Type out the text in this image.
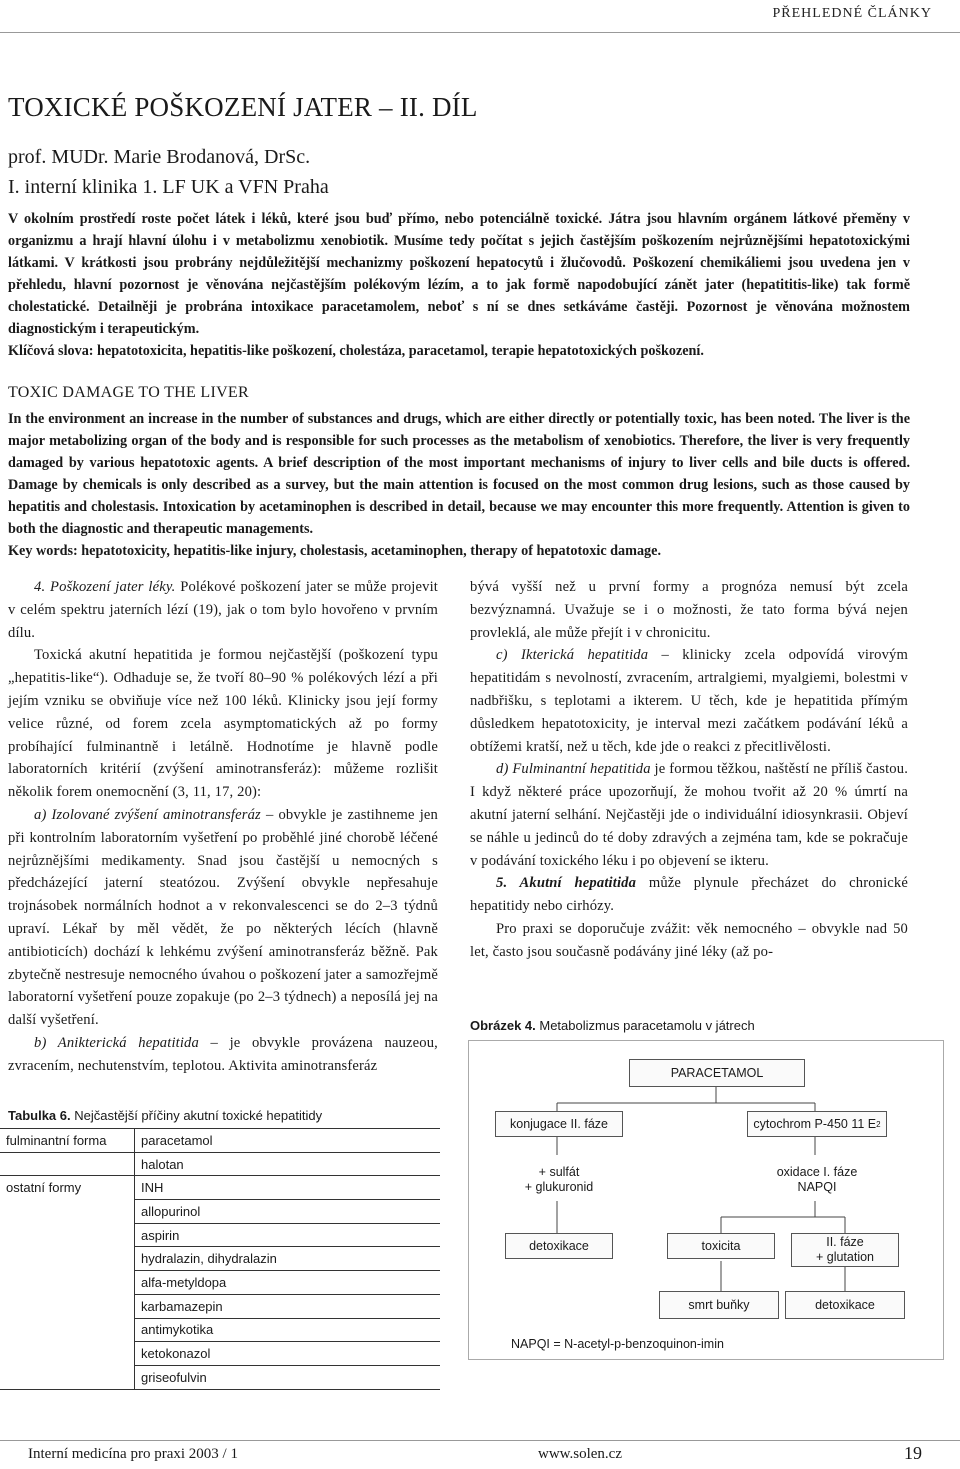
PŘEHLEDNÉ ČLÁNKY
TOXICKÉ POŠKOZENÍ JATER – II. DÍL
prof. MUDr. Marie Brodanová, DrSc.
I. interní klinika 1. LF UK a VFN Praha

V okolním prostředí roste počet látek i léků, které jsou buď přímo, nebo potenciálně toxické. Játra jsou hlavním orgánem látkové přeměny v organizmu a hrají hlavní úlohu i v metabolizmu xenobiotik. Musíme tedy počítat s jejich častějším poškozením nejrůznějšími hepatotoxickými látkami. V krátkosti jsou probrány nejdůležitější mechanizmy poškození hepatocytů i žlučovodů. Poškození chemikáliemi jsou uvedena jen v přehledu, hlavní pozornost je věnována nejčastějším polékovým lézím, a to jak formě napodobující zánět jater (hepatititis-like) tak formě cholestatické. Detailněji je probrána intoxikace paracetamolem, neboť s ní se dnes setkáváme častěji. Pozornost je věnována možnostem diagnostickým i terapeutickým.

Klíčová slova: hepatotoxicita, hepatitis-like poškození, cholestáza, paracetamol, terapie hepatotoxických poškození.

TOXIC DAMAGE TO THE LIVER

In the environment an increase in the number of substances and drugs, which are either directly or potentially toxic, has been noted. The liver is the major metabolizing organ of the body and is responsible for such processes as the metabolism of xenobiotics. Therefore, the liver is very frequently damaged by various hepatotoxic agents. A brief description of the most important mechanisms of injury to liver cells and bile ducts is offered. Damage by chemicals is only described as a survey, but the main attention is focused on the most common drug lesions, such as those caused by hepatitis and cholestasis. Intoxication by acetaminophen is described in detail, because we may encounter this more frequently. Attention is given to both the diagnostic and therapeutic managements.

Key words: hepatotoxicity, hepatitis-like injury, cholestasis, acetaminophen, therapy of hepatotoxic damage.

4. Poškození jater léky. Polékové poškození jater se může projevit v celém spektru jaterních lézí (19), jak o tom bylo hovořeno v prvním dílu.

Toxická akutní hepatitida je formou nejčastější (poškození typu „hepatitis-like“). Odhaduje se, že tvoří 80–90 % polékových lézí a při jejím vzniku se obviňuje více než 100 léků. Klinicky jsou její formy velice různé, od forem zcela asymptomatických až po formy probíhající fulminantně i letálně. Hodnotíme je hlavně podle laboratorních kritérií (zvýšení aminotransferáz): můžeme rozlišit několik forem onemocnění (3, 11, 17, 20):

a) Izolované zvýšení aminotransferáz – obvykle je zastihneme jen při kontrolním laboratorním vyšetření po proběhlé jiné chorobě léčené nejrůznějšími medikamenty. Snad jsou častější u nemocných s předcházející jaterní steatózou. Zvýšení obvykle nepřesahuje trojnásobek normálních hodnot a v rekonvalescenci se do 2–3 týdnů upraví. Lékař by měl vědět, že po některých lécích (hlavně antibioticích) dochází k lehkému zvýšení aminotransferáz běžně. Pak zbytečně nestresuje nemocného úvahou o poškození jater a samozřejmě laboratorní vyšetření pouze zopakuje (po 2–3 týdnech) a neposílá jej na další vyšetření.

b) Anikterická hepatitida – je obvykle provázena nauzeou, zvracením, nechutenstvím, teplotou. Aktivita aminotransferáz

bývá vyšší než u první formy a prognóza nemusí být zcela bezvýznamná. Uvažuje se i o možnosti, že tato forma bývá nejen provleklá, ale může přejít i v chronicitu.

c) Ikterická hepatitida – klinicky zcela odpovídá virovým hepatitidám s nevolností, zvracením, artralgiemi, myalgiemi, bolestmi v nadbřišku, s teplotami a ikterem. U těch, kde je hepatitida přímým důsledkem hepatotoxicity, je interval mezi začátkem podávání léků a obtížemi kratší, než u těch, kde jde o reakci z přecitlivělosti.

d) Fulminantní hepatitida je formou těžkou, naštěstí ne příliš častou. I když některé práce upozorňují, že mohou tvořit až 20 % úmrtí na akutní jaterní selhání. Nejčastěji jde o individuální idiosynkrasii. Objeví se náhle u jedinců do té doby zdravých a zejména tam, kde se pokračuje v podávání toxického léku i po objevení se ikteru.

5. Akutní hepatitida může plynule přecházet do chronické hepatitidy nebo cirhózy.

Pro praxi se doporučuje zvážit: věk nemocného – obvykle nad 50 let, často jsou současně podávány jiné léky (až po-

Tabulka 6. Nejčastější příčiny akutní toxické hepatitidy
fulminantní forma	paracetamol
	halotan
ostatní formy	INH
	allopurinol
	aspirin
	hydralazin, dihydralazin
	alfa-metyldopa
	karbamazepin
	antimykotika
	ketokonazol
	griseofulvin
Obrázek 4. Metabolizmus paracetamolu v játrech
PARACETAMOL
konjugace II. fáze	cytochrom P-450 11 E 2
+ sulfát
+ glukuronid
oxidace I. fáze
NAPQI
detoxikace	toxicita	II. fáze
+ glutation
smrt buňky	detoxikace
NAPQI = N-acetyl-p-benzoquinon-imin
Interní medicína pro praxi 2003 / 1	www.solen.cz	19
